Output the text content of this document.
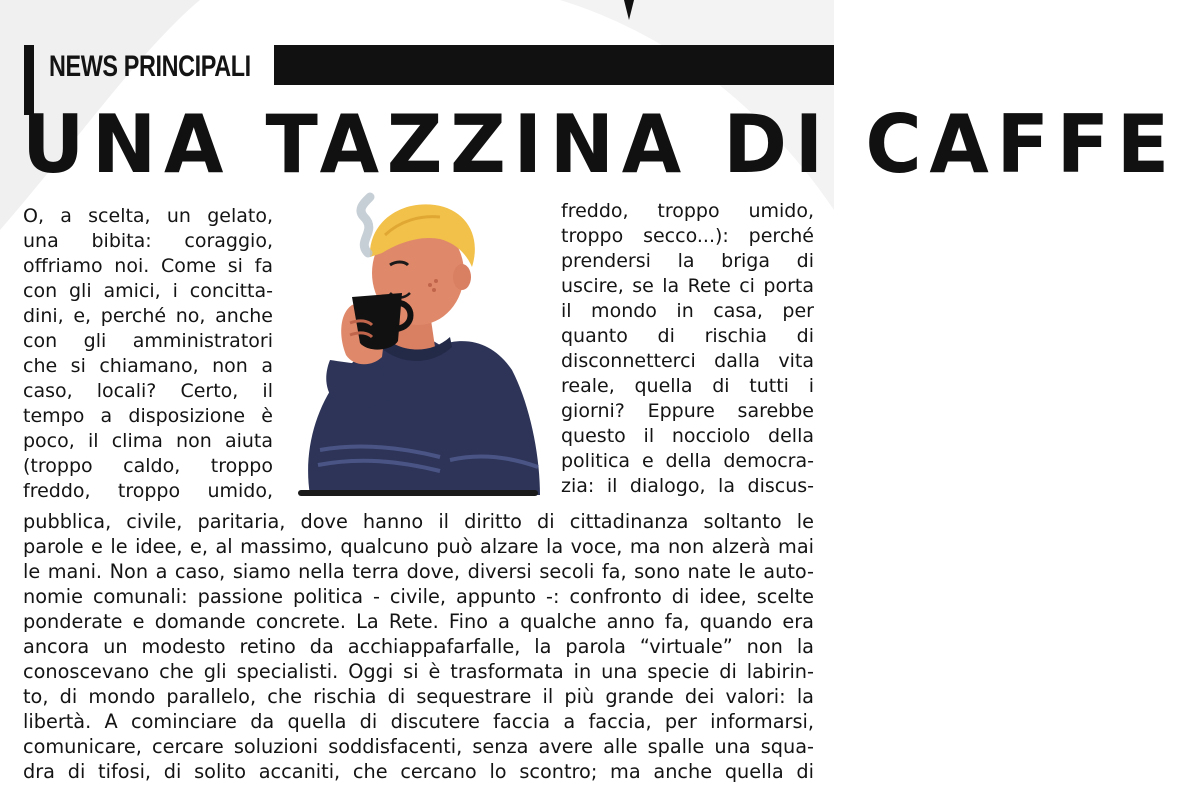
NEWS PRINCIPALI
UNA TAZZINA DI CAFFE
O, a scelta, un gelato,
una bibita: coraggio,
offriamo noi. Come si fa
con gli amici, i concitta-
dini, e, perché no, anche
con gli amministratori
che si chiamano, non a
caso, locali? Certo, il
tempo a disposizione è
poco, il clima non aiuta
(troppo caldo, troppo
freddo, troppo umido,
freddo, troppo umido,
troppo secco...): perché
prendersi la briga di
uscire, se la Rete ci porta
il mondo in casa, per
quanto di rischia di
disconnetterci dalla vita
reale, quella di tutti i
giorni? Eppure sarebbe
questo il nocciolo della
politica e della democra-
zia: il dialogo, la discus-
pubblica, civile, paritaria, dove hanno il diritto di cittadinanza soltanto le
parole e le idee, e, al massimo, qualcuno può alzare la voce, ma non alzerà mai
le mani. Non a caso, siamo nella terra dove, diversi secoli fa, sono nate le auto-
nomie comunali: passione politica - civile, appunto -: confronto di idee, scelte
ponderate e domande concrete. La Rete. Fino a qualche anno fa, quando era
ancora un modesto retino da acchiappafarfalle, la parola “virtuale” non la
conoscevano che gli specialisti. Oggi si è trasformata in una specie di labirin-
to, di mondo parallelo, che rischia di sequestrare il più grande dei valori: la
libertà. A cominciare da quella di discutere faccia a faccia, per informarsi,
comunicare, cercare soluzioni soddisfacenti, senza avere alle spalle una squa-
dra di tifosi, di solito accaniti, che cercano lo scontro; ma anche quella di
